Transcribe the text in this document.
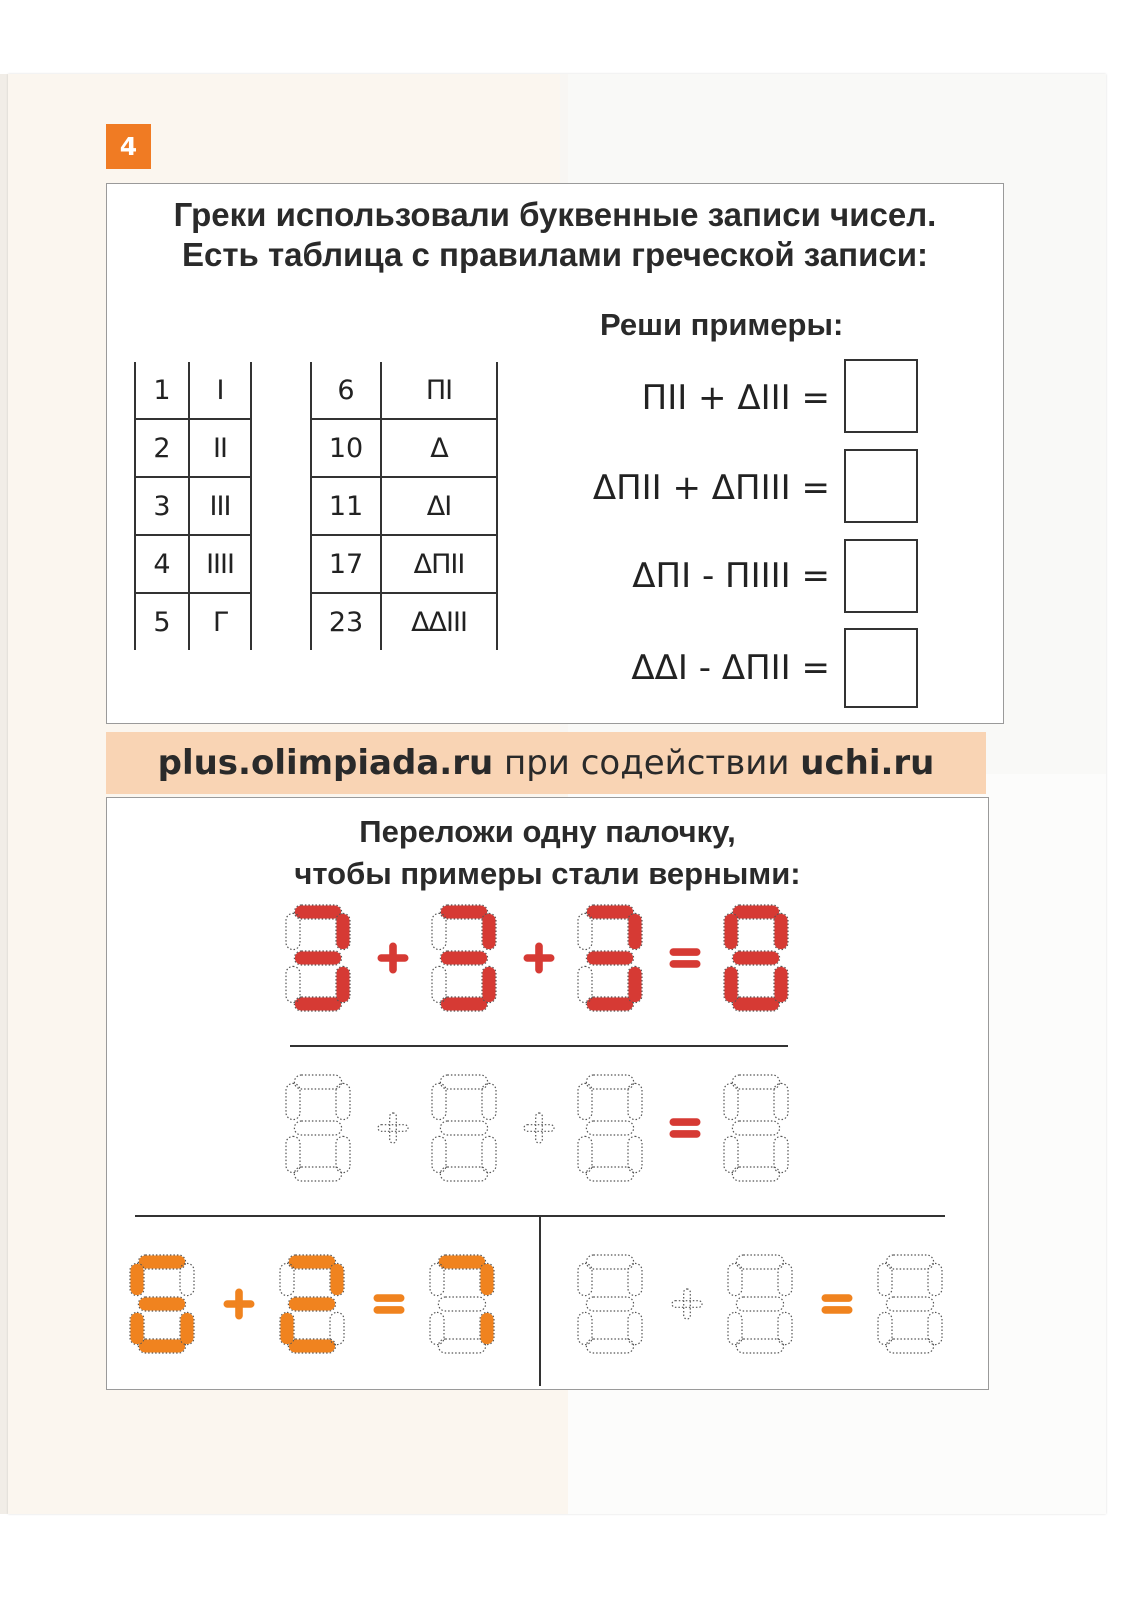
4
Греки использовали буквенные записи чисел.
Есть таблица с правилами греческой записи:
Реши примеры:
1	Ι
2	ΙΙ
3	ΙΙΙ
4	ΙΙΙΙ
5	Γ
6	ΠΙ
10	Δ
11	ΔΙ
17	ΔΠΙΙ
23	ΔΔΙΙΙ
ΠΙΙ + ΔΙΙΙ =
ΔΠΙΙ + ΔΠΙΙΙ =
ΔΠΙ - ΠΙΙΙΙ =
ΔΔΙ - ΔΠΙΙ =
plus.olimpiada.ru при содействии uchi.ru
Переложи одну палочку,
чтобы примеры стали верными:
